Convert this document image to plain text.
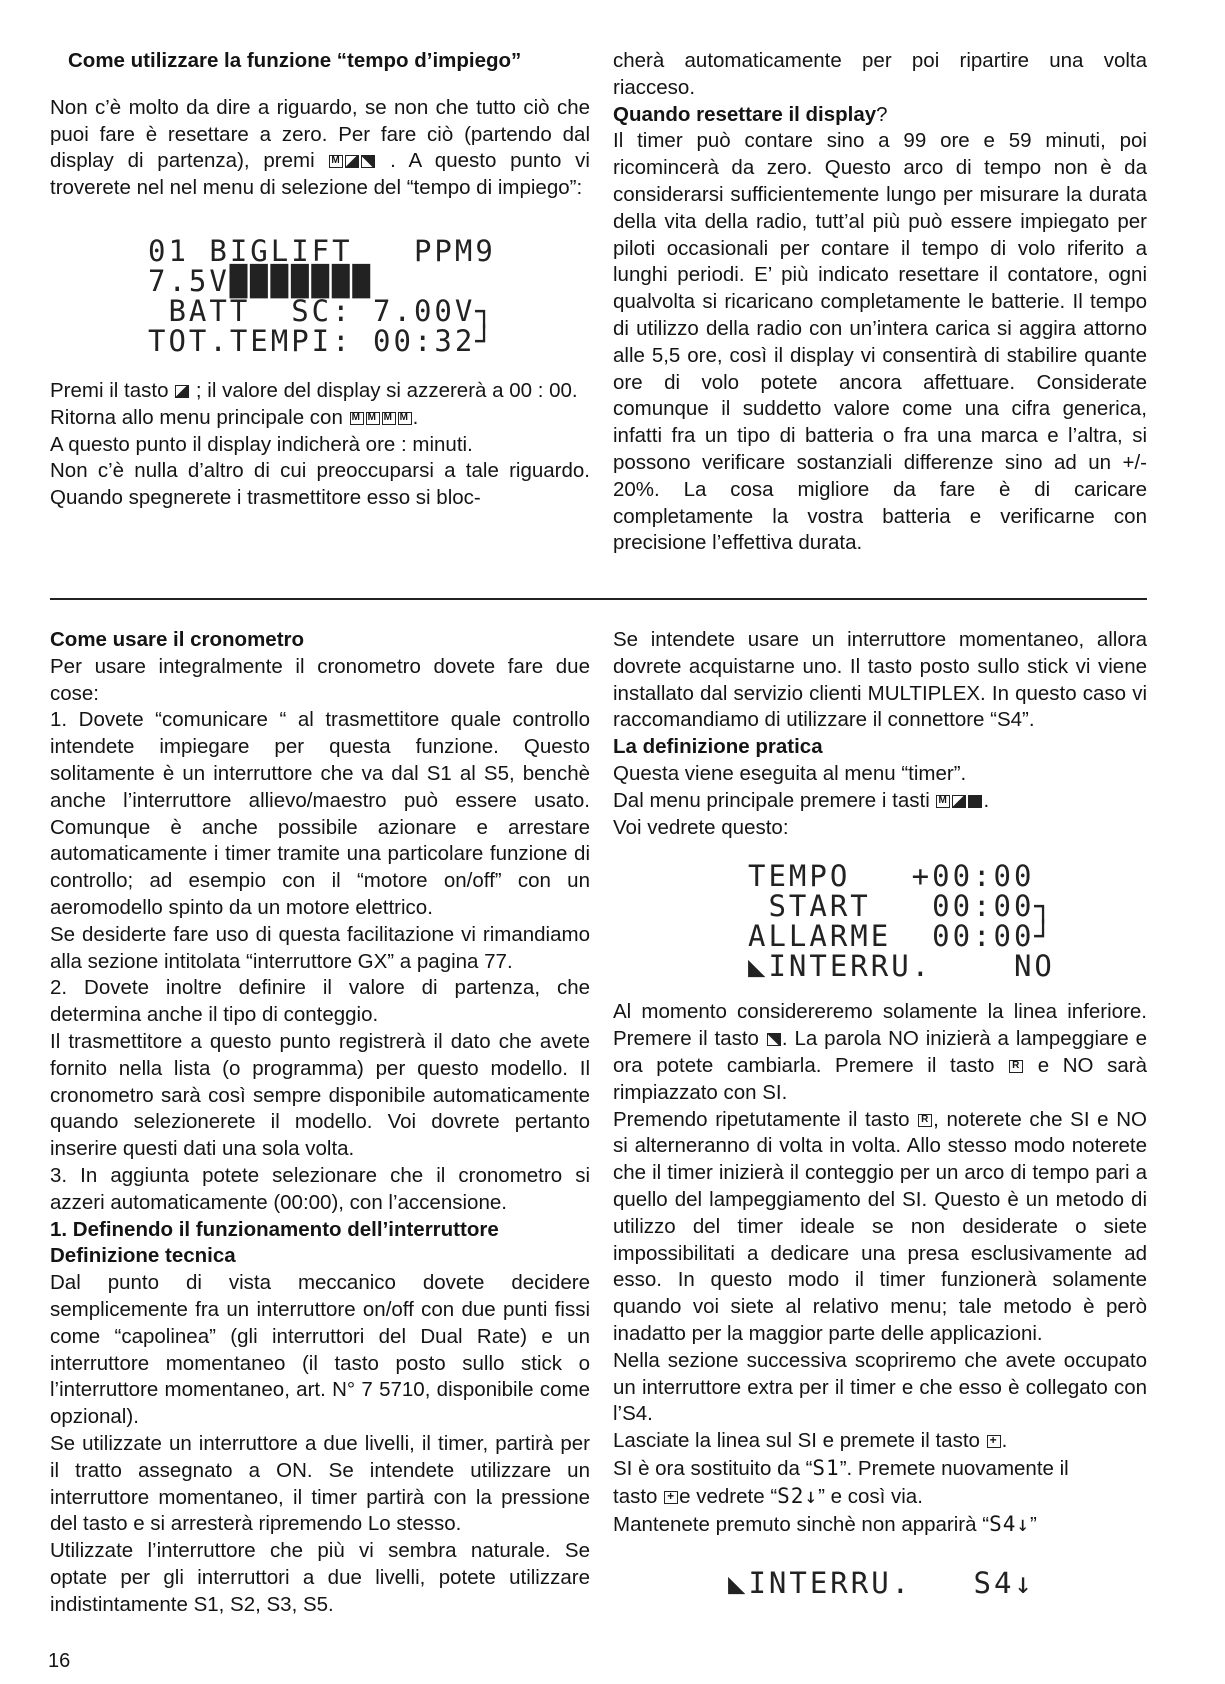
Come utilizzare la funzione “tempo d’impiego”

Non c’è molto da dire a riguardo, se non che tutto ciò che puoi fare è resettare a zero. Per fare ciò (partendo dal display di partenza), premi M	. A questo punto vi troverete nel nel menu di selezione del “tempo di impiego”:

01 BIGLIFT   PPM9

7.5V███████

BATT  SC: 7.00V┐

TOT.TEMPI: 00:32┘

Premi il tasto ; il valore del display si azzererà a 00 : 00.

Ritorna allo menu principale con M M M M	.

A questo punto il display indicherà ore : minuti.

Non c’è nulla d’altro di cui preoccuparsi a tale riguardo. Quando spegnerete i trasmettitore esso si bloc-

cherà automaticamente per poi ripartire una volta riacceso.

Quando resettare il display?

Il timer può contare sino a 99 ore e 59 minuti, poi ricomincerà da zero. Questo arco di tempo non è da considerarsi sufficientemente lungo per misurare la durata della vita della radio, tutt’al più può essere impiegato per piloti occasionali per contare il tempo di volo riferito a lunghi periodi. E’ più indicato resettare il contatore, ogni qualvolta si ricaricano completamente le batterie. Il tempo di utilizzo della radio con un’intera carica si aggira attorno alle 5,5 ore, così il display vi consentirà di stabilire quante ore di volo potete ancora affettuare. Considerate comunque il suddetto valore come una cifra generica, infatti fra un tipo di batteria o fra una marca e l’altra, si possono verificare sostanziali differenze sino ad un +/- 20%. La cosa migliore da fare è di caricare completamente la vostra batteria e verificarne con precisione l’effettiva durata.

Come usare il cronometro

Per usare integralmente il cronometro dovete fare due cose:

1. Dovete “comunicare “ al trasmettitore quale controllo intendete impiegare per questa funzione. Questo solitamente è un interruttore che va dal S1 al S5, benchè anche l’interruttore allievo/maestro può essere usato. Comunque è anche possibile azionare e arrestare automaticamente i timer tramite una particolare funzione di controllo; ad esempio con il “motore on/off” con un aeromodello spinto da un motore elettrico.

Se desiderte fare uso di questa facilitazione vi rimandiamo alla sezione intitolata “interruttore GX” a pagina 77.

2. Dovete inoltre definire il valore di partenza, che determina anche il tipo di conteggio.

Il trasmettitore a questo punto registrerà il dato che avete fornito nella lista (o programma) per questo modello. Il cronometro sarà così sempre disponibile automaticamente quando selezionerete il modello. Voi dovrete pertanto inserire questi dati una sola volta.

3. In aggiunta potete selezionare che il cronometro si azzeri automaticamente (00:00), con l’accensione.

1. Definendo il funzionamento dell’interruttore

Definizione tecnica

Dal punto di vista meccanico dovete decidere semplicemente fra un interruttore on/off con due punti fissi come “capolinea” (gli interruttori del Dual Rate) e un interruttore momentaneo (il tasto posto sullo stick o l’interruttore momentaneo, art. N° 7 5710, disponibile come opzional).

Se utilizzate un interruttore a due livelli, il timer, partirà per il tratto assegnato a ON. Se intendete utilizzare un interruttore momentaneo, il timer partirà con la pressione del tasto e si arresterà ripremendo Lo stesso.

Utilizzate l’interruttore che più vi sembra naturale. Se optate per gli interruttori a due livelli, potete utilizzare indistintamente S1, S2, S3, S5.

Se intendete usare un interruttore momentaneo, allora dovrete acquistarne uno. Il tasto posto sullo stick vi viene installato dal servizio clienti MULTIPLEX. In questo caso vi raccomandiamo di utilizzare il connettore “S4”.

La definizione pratica

Questa viene eseguita al menu “timer”.

Dal menu principale premere i tasti M	.

Voi vedrete questo:

TEMPO   +00:00

START   00:00┐

ALLARME  00:00┘

◣INTERRU.    NO

Al momento considereremo solamente la linea inferiore. Premere il tasto . La parola NO inizierà a lampeggiare e ora potete cambiarla. Premere il tasto R e NO sarà rimpiazzato con SI.

Premendo ripetutamente il tasto R , noterete che SI e NO si alterneranno di volta in volta. Allo stesso modo noterete che il timer inizierà il conteggio per un arco di tempo pari a quello del lampeggiamento del SI. Questo è un metodo di utilizzo del timer ideale se non desiderate o siete impossibilitati a dedicare una presa esclusivamente ad esso. In questo modo il timer funzionerà solamente quando voi siete al relativo menu; tale metodo è però inadatto per la maggior parte delle applicazioni.

Nella sezione successiva scopriremo che avete occupato un interruttore extra per il timer e che esso è collegato con l’S4.

Lasciate la linea sul SI e premete il tasto + .

SI è ora sostituito da “S1”. Premete nuovamente il

tasto + e vedrete “S2↓” e così via.

Mantenete premuto sinchè non apparirà “S4↓”

◣INTERRU.   S4↓

16
